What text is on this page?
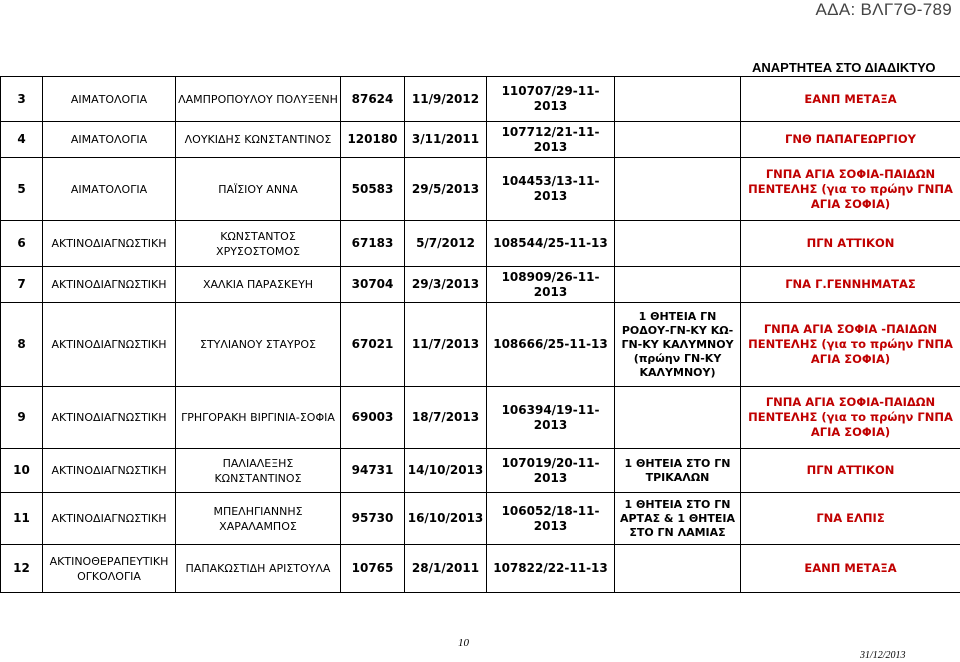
ΑΔΑ: ΒΛΓ7Θ-789
ΑΝΑΡΤΗΤΕΑ ΣΤΟ ΔΙΑΔΙΚΤΥΟ
3	ΑΙΜΑΤΟΛΟΓΙΑ	ΛΑΜΠΡΟΠΟΥΛΟΥ ΠΟΛΥΞΕΝΗ	87624	11/9/2012	110707/29-11-2013		ΕΑΝΠ ΜΕΤΑΞΑ
4	ΑΙΜΑΤΟΛΟΓΙΑ	ΛΟΥΚΙΔΗΣ ΚΩΝΣΤΑΝΤΙΝΟΣ	120180	3/11/2011	107712/21-11-2013		ΓΝΘ ΠΑΠΑΓΕΩΡΓΙΟΥ
5	ΑΙΜΑΤΟΛΟΓΙΑ	ΠΑΪΣΙΟΥ ΑΝΝΑ	50583	29/5/2013	104453/13-11-2013		ΓΝΠΑ ΑΓΙΑ ΣΟΦΙΑ-ΠΑΙΔΩΝ ΠΕΝΤΕΛΗΣ (για το πρώην ΓΝΠΑ ΑΓΙΑ ΣΟΦΙΑ)
6	ΑΚΤΙΝΟΔΙΑΓΝΩΣΤΙΚΗ	ΚΩΝΣΤΑΝΤΟΣ ΧΡΥΣΟΣΤΟΜΟΣ	67183	5/7/2012	108544/25-11-13		ΠΓΝ ΑΤΤΙΚΟΝ
7	ΑΚΤΙΝΟΔΙΑΓΝΩΣΤΙΚΗ	ΧΑΛΚΙΑ ΠΑΡΑΣΚΕΥΗ	30704	29/3/2013	108909/26-11-2013		ΓΝΑ Γ.ΓΕΝΝΗΜΑΤΑΣ
8	ΑΚΤΙΝΟΔΙΑΓΝΩΣΤΙΚΗ	ΣΤΥΛΙΑΝΟΥ ΣΤΑΥΡΟΣ	67021	11/7/2013	108666/25-11-13	1 ΘΗΤΕΙΑ ΓΝ ΡΟΔΟΥ-ΓΝ-ΚΥ ΚΩ- ΓΝ-ΚΥ ΚΑΛΥΜΝΟΥ (πρώην ΓΝ-ΚΥ ΚΑΛΥΜΝΟΥ)	ΓΝΠΑ ΑΓΙΑ ΣΟΦΙΑ -ΠΑΙΔΩΝ ΠΕΝΤΕΛΗΣ (για το πρώην ΓΝΠΑ ΑΓΙΑ ΣΟΦΙΑ)
9	ΑΚΤΙΝΟΔΙΑΓΝΩΣΤΙΚΗ	ΓΡΗΓΟΡΑΚΗ ΒΙΡΓΙΝΙΑ-ΣΟΦΙΑ	69003	18/7/2013	106394/19-11-2013		ΓΝΠΑ ΑΓΙΑ ΣΟΦΙΑ-ΠΑΙΔΩΝ ΠΕΝΤΕΛΗΣ (για το πρώην ΓΝΠΑ ΑΓΙΑ ΣΟΦΙΑ)
10	ΑΚΤΙΝΟΔΙΑΓΝΩΣΤΙΚΗ	ΠΑΛΙΑΛΕΞΗΣ ΚΩΝΣΤΑΝΤΙΝΟΣ	94731	14/10/2013	107019/20-11-2013	1 ΘΗΤΕΙΑ ΣΤΟ ΓΝ ΤΡΙΚΑΛΩΝ	ΠΓΝ ΑΤΤΙΚΟΝ
11	ΑΚΤΙΝΟΔΙΑΓΝΩΣΤΙΚΗ	ΜΠΕΛΗΓΙΑΝΝΗΣ ΧΑΡΑΛΑΜΠΟΣ	95730	16/10/2013	106052/18-11-2013	1 ΘΗΤΕΙΑ ΣΤΟ ΓΝ ΑΡΤΑΣ & 1 ΘΗΤΕΙΑ ΣΤΟ ΓΝ ΛΑΜΙΑΣ	ΓΝΑ ΕΛΠΙΣ
12	ΑΚΤΙΝΟΘΕΡΑΠΕΥΤΙΚΗ ΟΓΚΟΛΟΓΙΑ	ΠΑΠΑΚΩΣΤΙΔΗ ΑΡΙΣΤΟΥΛΑ	10765	28/1/2011	107822/22-11-13		ΕΑΝΠ ΜΕΤΑΞΑ
10
31/12/2013
